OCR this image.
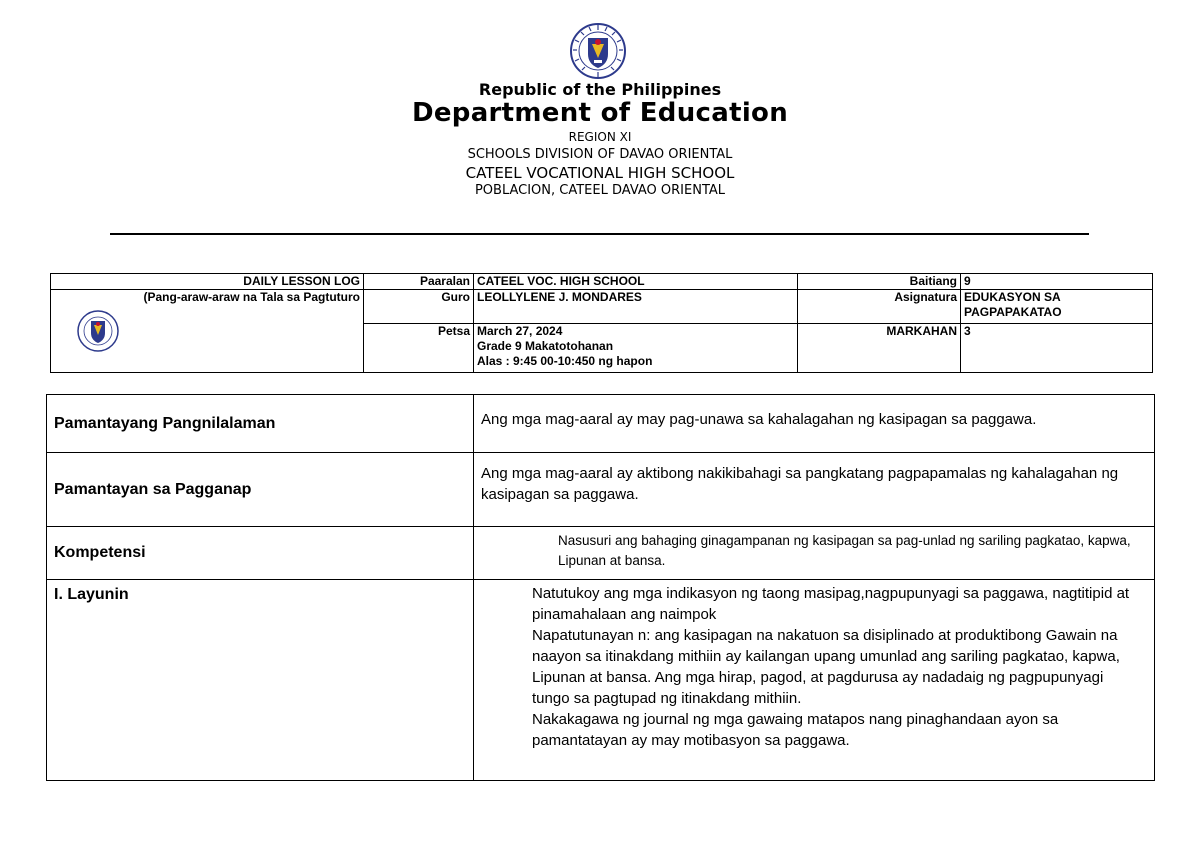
Republic of the Philippines
Department of Education
REGION XI
SCHOOLS DIVISION OF DAVAO ORIENTAL
CATEEL VOCATIONAL HIGH SCHOOL
POBLACION, CATEEL DAVAO ORIENTAL
DAILY LESSON LOG	Paaralan	CATEEL VOC. HIGH SCHOOL	Baitiang	9

(Pang-araw-araw na Tala sa Pagtuturo	Guro	LEOLLYLENE J. MONDARES	Asignatura	EDUKASYON SA
PAGPAPAKATAO

	Petsa	March 27, 2024
Grade 9 Makatotohanan
Alas : 9:45 00-10:450 ng hapon	MARKAHAN	3
Pamantayang Pangnilalaman	Ang mga mag-aaral ay may pag-unawa sa kahalagahan ng kasipagan sa paggawa.
Pamantayan sa Pagganap	Ang mga mag-aaral ay aktibong nakikibahagi sa pangkatang pagpapamalas ng kahalagahan ng kasipagan sa paggawa.
Kompetensi	Nasusuri ang bahaging ginagampanan ng kasipagan sa pag-unlad ng sariling pagkatao, kapwa, Lipunan at bansa.
I. Layunin	Natutukoy ang mga indikasyon ng taong masipag,nagpupunyagi sa paggawa, nagtitipid at pinamahalaan ang naimpok
Napatutunayan n: ang kasipagan na nakatuon sa disiplinado at produktibong Gawain na naayon sa itinakdang mithiin ay kailangan upang umunlad ang sariling pagkatao, kapwa, Lipunan at bansa. Ang mga hirap, pagod, at pagdurusa ay nadadaig ng pagpupunyagi tungo sa pagtupad ng itinakdang mithiin.
Nakakagawa ng journal ng mga gawaing matapos nang pinaghandaan ayon sa pamantatayan ay may motibasyon sa paggawa.
